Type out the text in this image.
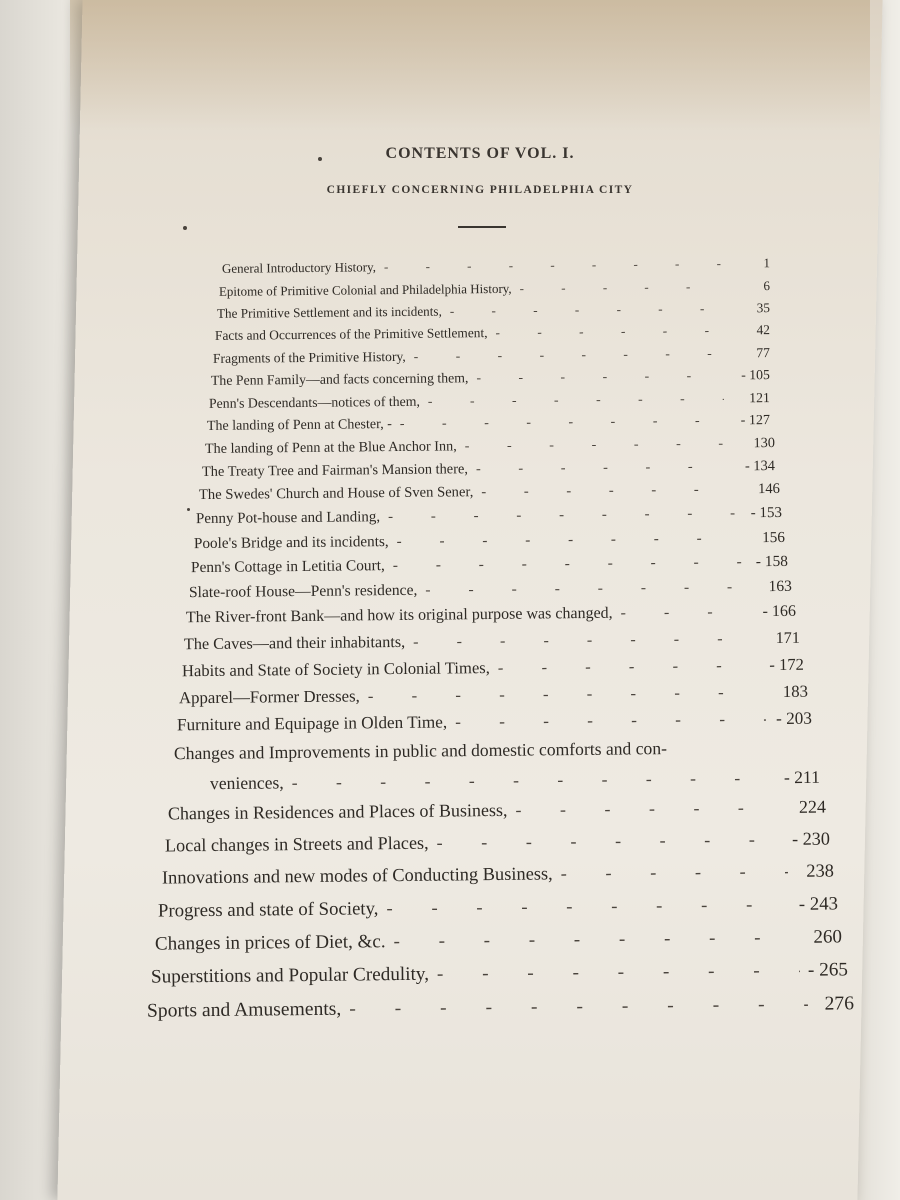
CONTENTS OF VOL. I.
CHIEFLY CONCERNING PHILADELPHIA CITY
General Introductory History, -	1
Epitome of Primitive Colonial and Philadelphia History, -	6
The Primitive Settlement and its incidents, -	35
Facts and Occurrences of the Primitive Settlement, -	42
Fragments of the Primitive History, -	77
The Penn Family—and facts concerning them, -	- 105
Penn's Descendants—notices of them, -	121
The landing of Penn at Chester, - -	- 127
The landing of Penn at the Blue Anchor Inn, -	130
The Treaty Tree and Fairman's Mansion there, -	- 134
The Swedes' Church and House of Sven Sener, -	146
Penny Pot-house and Landing, -	- 153
Poole's Bridge and its incidents, -	156
Penn's Cottage in Letitia Court, -	- 158
Slate-roof House—Penn's residence, -	163
The River-front Bank—and how its original purpose was changed, -	- 166
The Caves—and their inhabitants, -	171
Habits and State of Society in Colonial Times, -	- 172
Apparel—Former Dresses, -	183
Furniture and Equipage in Olden Time, -	- 203
Changes and Improvements in public and domestic comforts and con-
veniences, -	- 211
Changes in Residences and Places of Business, -	224
Local changes in Streets and Places, -	- 230
Innovations and new modes of Conducting Business, -	238
Progress and state of Society, -	- 243
Changes in prices of Diet, &c. -	260
Superstitions and Popular Credulity, -	- 265
Sports and Amusements, -	276
